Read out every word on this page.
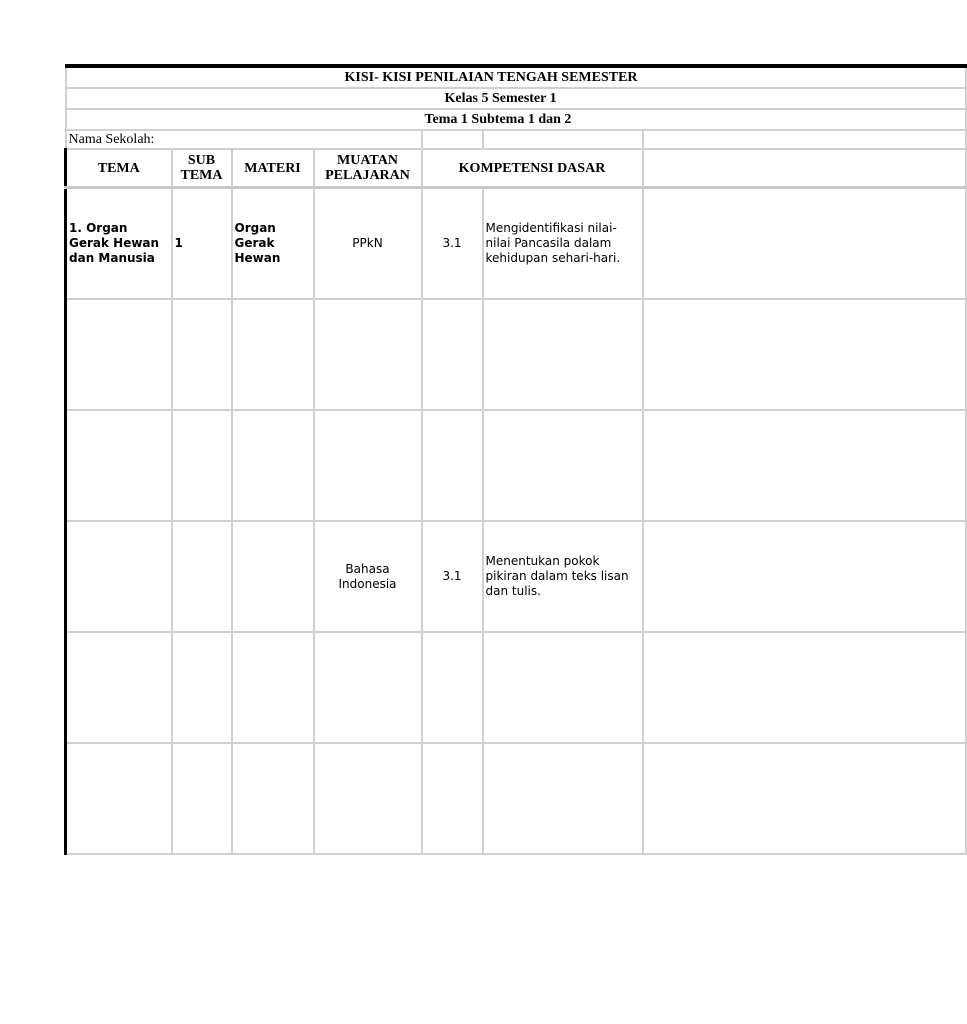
KISI- KISI PENILAIAN TENGAH SEMESTER						
Kelas 5 Semester 1						
Tema 1 Subtema 1 dan 2						
Nama Sekolah:						
TEMA	SUB TEMA	MATERI	MUATAN PELAJARAN	KOMPETENSI DASAR		
1. Organ Gerak Hewan dan Manusia	1	Organ Gerak Hewan	PPkN	3.1	Mengidentifikasi nilai-nilai Pancasila dalam kehidupan sehari-hari.	

			Bahasa Indonesia	3.1	Menentukan pokok pikiran dalam teks lisan dan tulis.	
